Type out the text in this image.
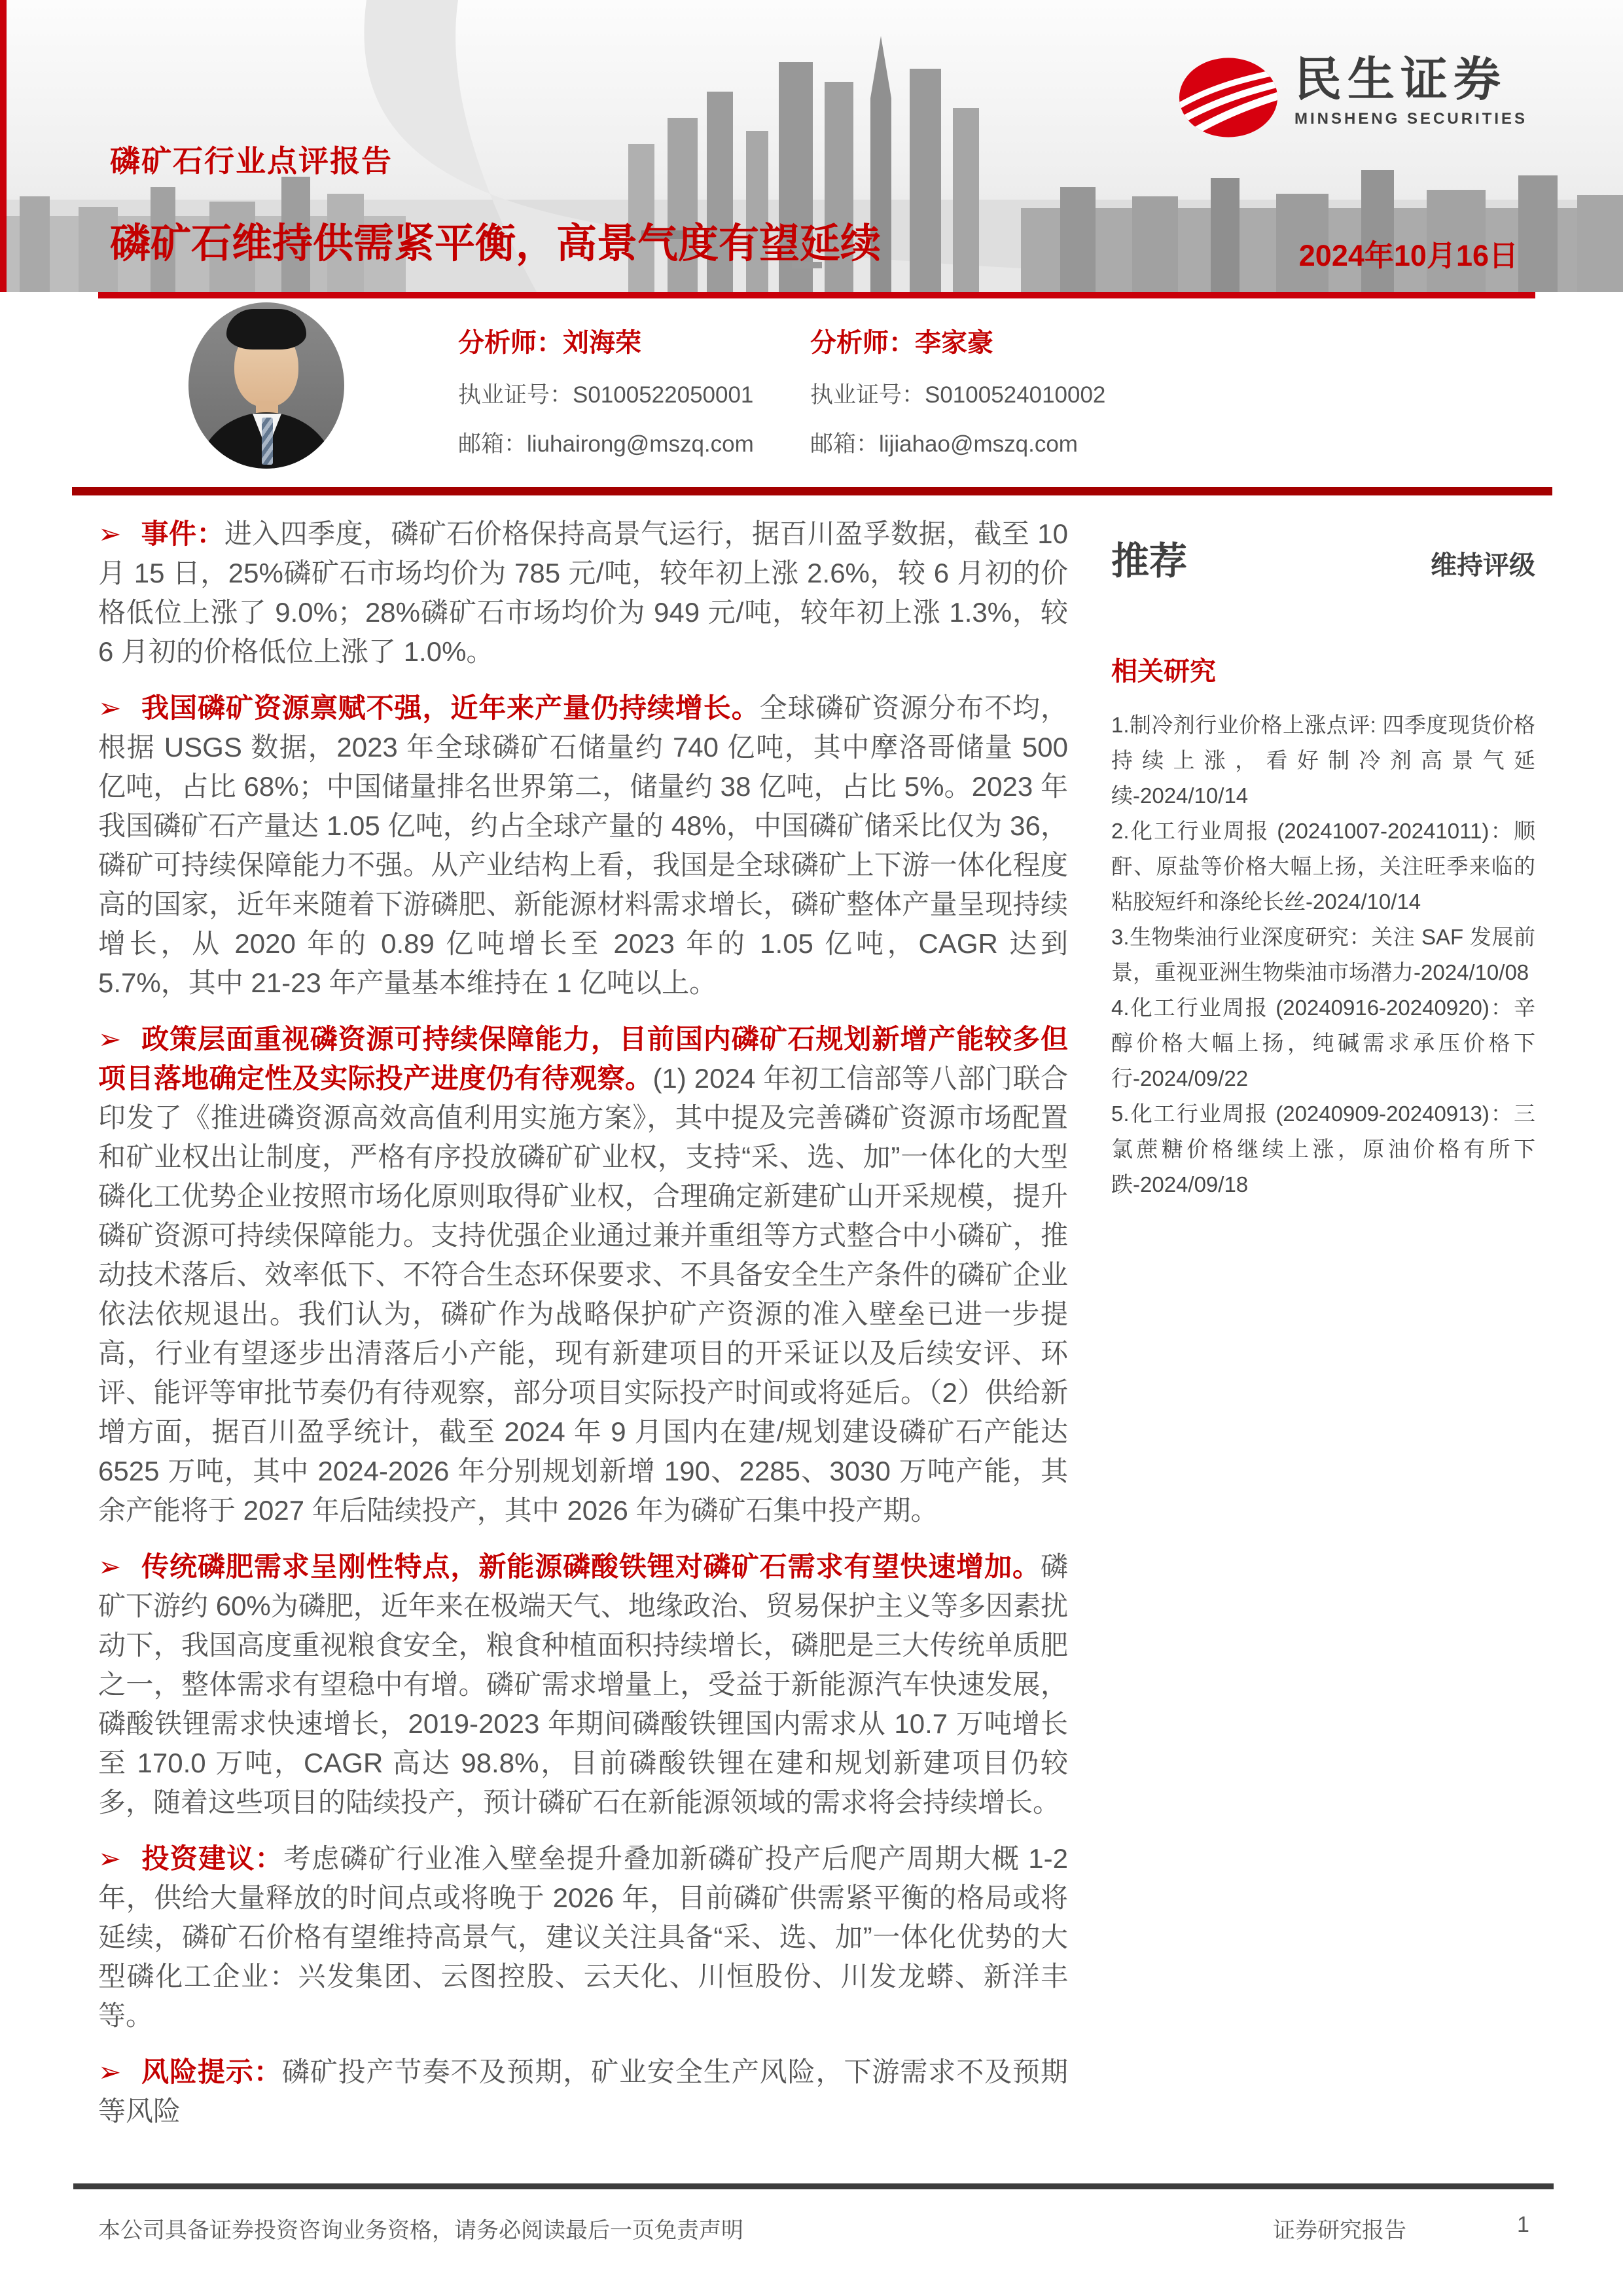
磷矿石行业点评报告
磷矿石维持供需紧平衡，高景气度有望延续	2024年10月16日
民生证券
MINSHENG SECURITIES
分析师：刘海荣
执业证号：S0100522050001
邮箱：liuhairong@mszq.com
分析师：李家豪
执业证号：S0100524010002
邮箱：lijiahao@mszq.com

➢ 事件：进入四季度，磷矿石价格保持高景气运行，据百川盈孚数据，截至 10 月 15 日，25%磷矿石市场均价为 785 元/吨，较年初上涨 2.6%，较 6 月初的价格低位上涨了 9.0%；28%磷矿石市场均价为 949 元/吨，较年初上涨 1.3%，较 6 月初的价格低位上涨了 1.0%。

➢ 我国磷矿资源禀赋不强，近年来产量仍持续增长。全球磷矿资源分布不均，根据 USGS 数据，2023 年全球磷矿石储量约 740 亿吨，其中摩洛哥储量 500 亿吨，占比 68%；中国储量排名世界第二，储量约 38 亿吨，占比 5%。2023 年我国磷矿石产量达 1.05 亿吨，约占全球产量的 48%，中国磷矿储采比仅为 36，磷矿可持续保障能力不强。从产业结构上看，我国是全球磷矿上下游一体化程度高的国家，近年来随着下游磷肥、新能源材料需求增长，磷矿整体产量呈现持续增长，从 2020 年的 0.89 亿吨增长至 2023 年的 1.05 亿吨，CAGR 达到 5.7%，其中 21-23 年产量基本维持在 1 亿吨以上。

➢ 政策层面重视磷资源可持续保障能力，目前国内磷矿石规划新增产能较多但项目落地确定性及实际投产进度仍有待观察。(1) 2024 年初工信部等八部门联合印发了《推进磷资源高效高值利用实施方案》，其中提及完善磷矿资源市场配置和矿业权出让制度，严格有序投放磷矿矿业权，支持“采、选、加”一体化的大型磷化工优势企业按照市场化原则取得矿业权，合理确定新建矿山开采规模，提升磷矿资源可持续保障能力。支持优强企业通过兼并重组等方式整合中小磷矿，推动技术落后、效率低下、不符合生态环保要求、不具备安全生产条件的磷矿企业依法依规退出。我们认为，磷矿作为战略保护矿产资源的准入壁垒已进一步提高，行业有望逐步出清落后小产能，现有新建项目的开采证以及后续安评、环评、能评等审批节奏仍有待观察，部分项目实际投产时间或将延后。（2）供给新增方面，据百川盈孚统计，截至 2024 年 9 月国内在建/规划建设磷矿石产能达 6525 万吨，其中 2024-2026 年分别规划新增 190、2285、3030 万吨产能，其余产能将于 2027 年后陆续投产，其中 2026 年为磷矿石集中投产期。

➢ 传统磷肥需求呈刚性特点，新能源磷酸铁锂对磷矿石需求有望快速增加。磷矿下游约 60%为磷肥，近年来在极端天气、地缘政治、贸易保护主义等多因素扰动下，我国高度重视粮食安全，粮食种植面积持续增长，磷肥是三大传统单质肥之一，整体需求有望稳中有增。磷矿需求增量上，受益于新能源汽车快速发展，磷酸铁锂需求快速增长，2019-2023 年期间磷酸铁锂国内需求从 10.7 万吨增长至 170.0 万吨，CAGR 高达 98.8%，目前磷酸铁锂在建和规划新建项目仍较多，随着这些项目的陆续投产，预计磷矿石在新能源领域的需求将会持续增长。

➢ 投资建议：考虑磷矿行业准入壁垒提升叠加新磷矿投产后爬产周期大概 1-2 年，供给大量释放的时间点或将晚于 2026 年，目前磷矿供需紧平衡的格局或将延续，磷矿石价格有望维持高景气，建议关注具备“采、选、加”一体化优势的大型磷化工企业：兴发集团、云图控股、云天化、川恒股份、川发龙蟒、新洋丰等。

➢ 风险提示：磷矿投产节奏不及预期，矿业安全生产风险，下游需求不及预期等风险

推荐	维持评级
相关研究
1.制冷剂行业价格上涨点评: 四季度现货价格持续上涨，看好制冷剂高景气延续-2024/10/14
2.化工行业周报 (20241007-20241011)：顺酐、原盐等价格大幅上扬，关注旺季来临的粘胶短纤和涤纶长丝-2024/10/14
3.生物柴油行业深度研究：关注 SAF 发展前景，重视亚洲生物柴油市场潜力-2024/10/08
4.化工行业周报 (20240916-20240920)：辛醇价格大幅上扬，纯碱需求承压价格下行-2024/09/22
5.化工行业周报 (20240909-20240913)：三氯蔗糖价格继续上涨，原油价格有所下跌-2024/09/18
本公司具备证券投资咨询业务资格，请务必阅读最后一页免责声明	证券研究报告	1
